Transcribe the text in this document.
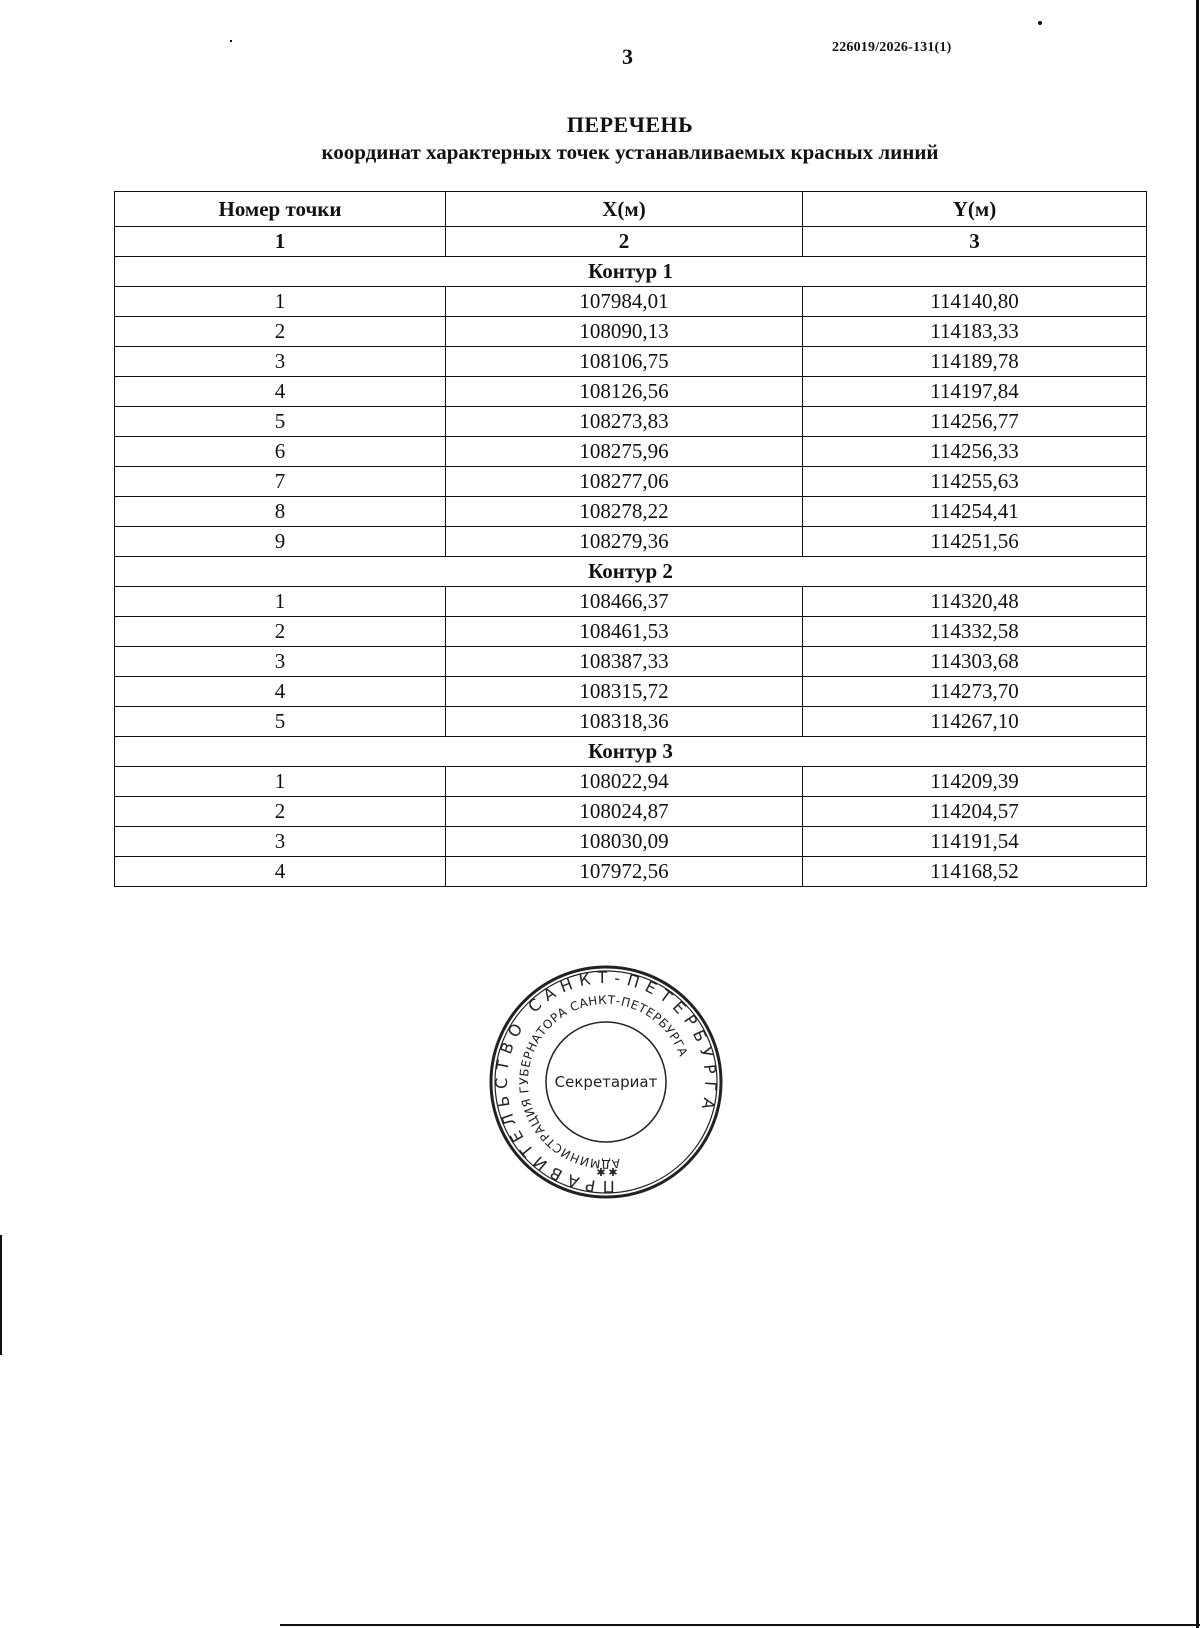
3	226019/2026-131(1)
ПЕРЕЧЕНЬ
координат характерных точек устанавливаемых красных линий
Номер точки	X(м)	Y(м)
1	2	3
Контур 1		
1	107984,01	114140,80
2	108090,13	114183,33
3	108106,75	114189,78
4	108126,56	114197,84
5	108273,83	114256,77
6	108275,96	114256,33
7	108277,06	114255,63
8	108278,22	114254,41
9	108279,36	114251,56
Контур 2		
1	108466,37	114320,48
2	108461,53	114332,58
3	108387,33	114303,68
4	108315,72	114273,70
5	108318,36	114267,10
Контур 3		
1	108022,94	114209,39
2	108024,87	114204,57
3	108030,09	114191,54
4	107972,56	114168,52
ПРАВИТЕЛЬСТВО САНКТ-ПЕТЕРБУРГА
АДМИНИСТРАЦИЯ ГУБЕРНАТОРА САНКТ-ПЕТЕРБУРГА
Секретариат
✱ ✱
